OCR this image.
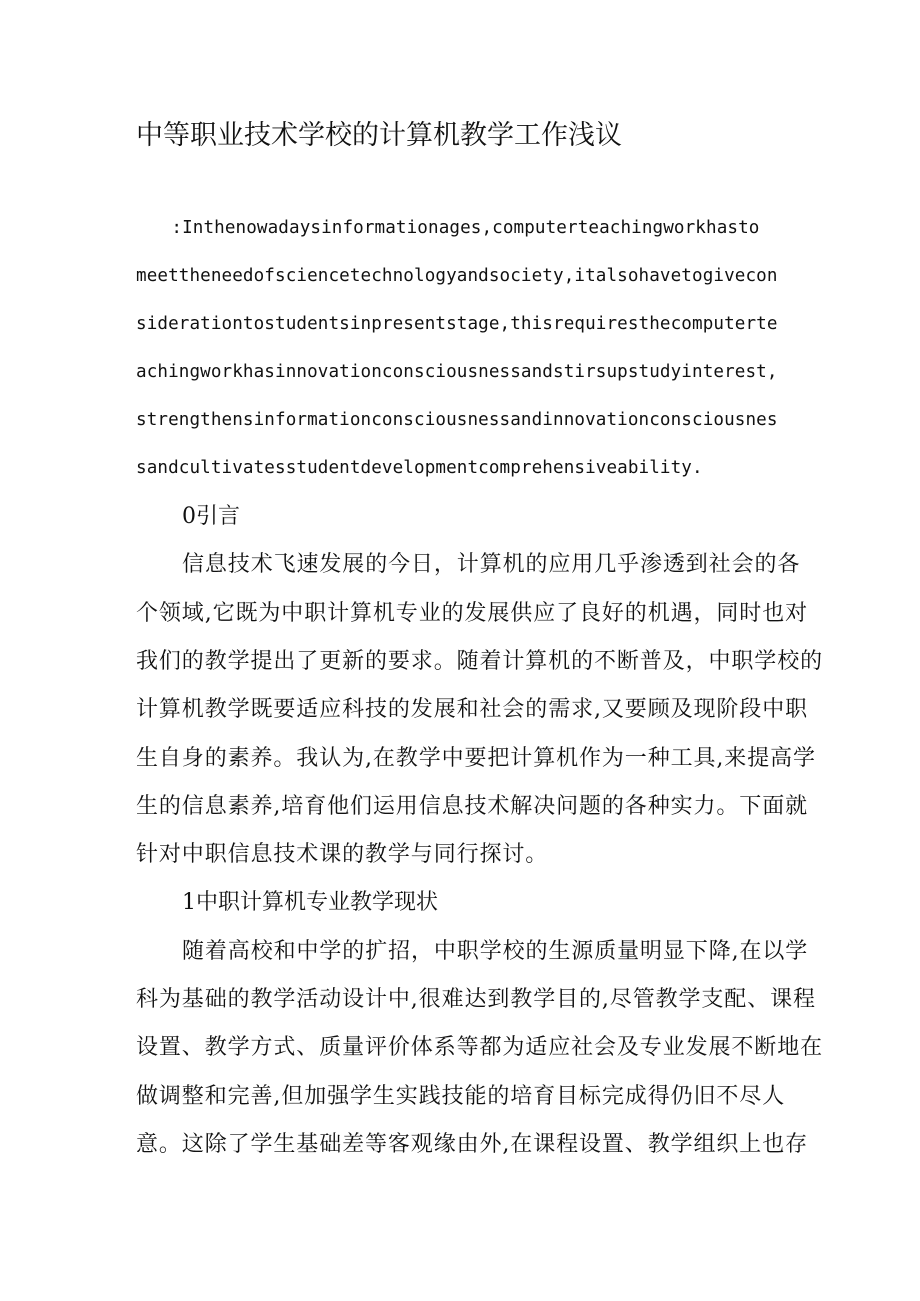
中等职业技术学校的计算机教学工作浅议

　　:Inthenowadaysinformationages,computerteachingworkhasto

meettheneedofsciencetechnologyandsociety,italsohavetogivecon

siderationtostudentsinpresentstage,thisrequiresthecomputerte

achingworkhasinnovationconsciousnessandstirsupstudyinterest,

strengthensinformationconsciousnessandinnovationconsciousnes

sandcultivatesstudentdevelopmentcomprehensiveability.

0引言

信息技术飞速发展的今日，计算机的应用几乎渗透到社会的各

个领域,它既为中职计算机专业的发展供应了良好的机遇，同时也对

我们的教学提出了更新的要求。随着计算机的不断普及，中职学校的

计算机教学既要适应科技的发展和社会的需求,又要顾及现阶段中职

生自身的素养。我认为,在教学中要把计算机作为一种工具,来提高学

生的信息素养,培育他们运用信息技术解决问题的各种实力。下面就

针对中职信息技术课的教学与同行探讨。

1中职计算机专业教学现状

随着高校和中学的扩招，中职学校的生源质量明显下降,在以学

科为基础的教学活动设计中,很难达到教学目的,尽管教学支配、课程

设置、教学方式、质量评价体系等都为适应社会及专业发展不断地在

做调整和完善,但加强学生实践技能的培育目标完成得仍旧不尽人

意。这除了学生基础差等客观缘由外,在课程设置、教学组织上也存
